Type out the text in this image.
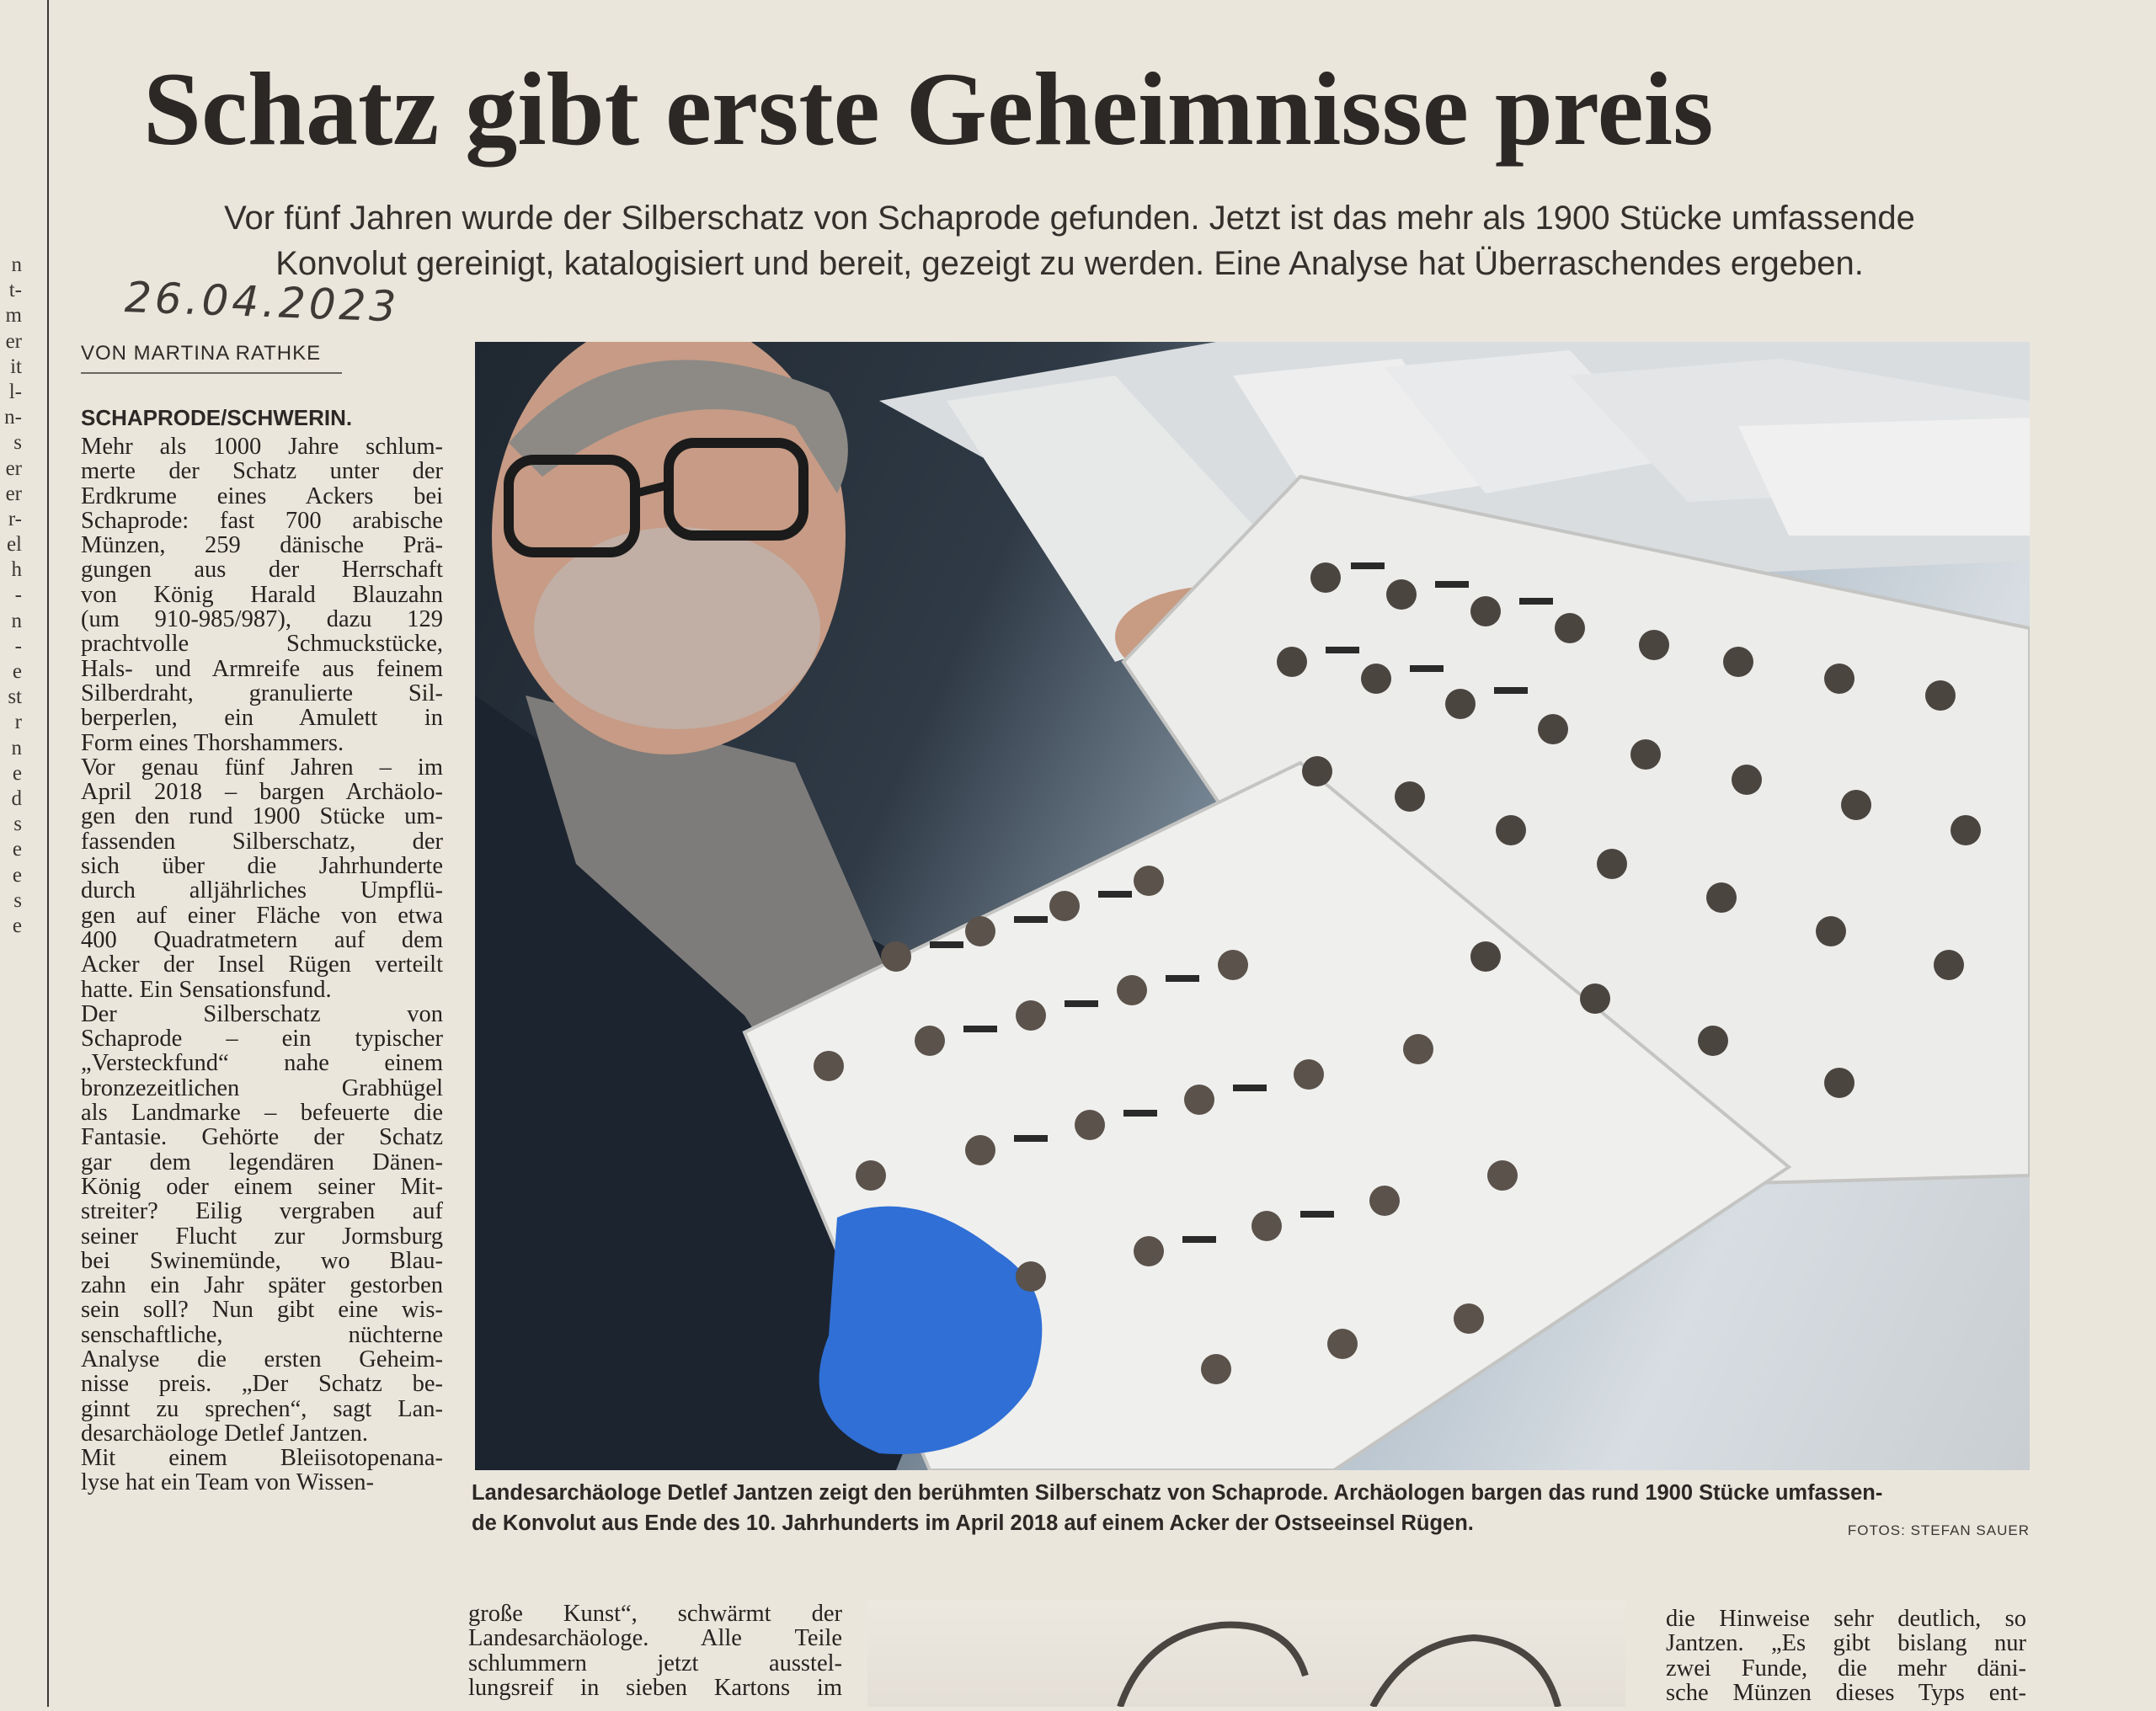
n
t-
m
er
it
l-
n-
s
er
er
r-
el
h
-
n
-
e
st
r
n
e
d
s
e
e
s
e
Schatz gibt erste Geheimnisse preis
Vor fünf Jahren wurde der Silberschatz von Schaprode gefunden. Jetzt ist das mehr als 1900 Stücke umfassende
Konvolut gereinigt, katalogisiert und bereit, gezeigt zu werden. Eine Analyse hat Überraschendes ergeben.
26.04.2023
VON MARTINA RATHKE
SCHAPRODE/SCHWERIN.
Mehr als 1000 Jahre schlum-
merte der Schatz unter der
Erdkrume eines Ackers bei
Schaprode: fast 700 arabische
Münzen, 259 dänische Prä-
gungen aus der Herrschaft
von König Harald Blauzahn
(um 910-985/987), dazu 129
prachtvolle Schmuckstücke,
Hals- und Armreife aus feinem
Silberdraht, granulierte Sil-
berperlen, ein Amulett in
Form eines Thorshammers.
Vor genau fünf Jahren – im
April 2018 – bargen Archäolo-
gen den rund 1900 Stücke um-
fassenden Silberschatz, der
sich über die Jahrhunderte
durch alljährliches Umpflü-
gen auf einer Fläche von etwa
400 Quadratmetern auf dem
Acker der Insel Rügen verteilt
hatte. Ein Sensationsfund.
Der Silberschatz von
Schaprode – ein typischer
„Versteckfund“ nahe einem
bronzezeitlichen Grabhügel
als Landmarke – befeuerte die
Fantasie. Gehörte der Schatz
gar dem legendären Dänen-
König oder einem seiner Mit-
streiter? Eilig vergraben auf
seiner Flucht zur Jormsburg
bei Swinemünde, wo Blau-
zahn ein Jahr später gestorben
sein soll? Nun gibt eine wis-
senschaftliche, nüchterne
Analyse die ersten Geheim-
nisse preis. „Der Schatz be-
ginnt zu sprechen“, sagt Lan-
desarchäologe Detlef Jantzen.
Mit einem Bleiisotopenana-
lyse hat ein Team von Wissen-	Landesarchäologe Detlef Jantzen zeigt den berühmten Silberschatz von Schaprode. Archäologen bargen das rund 1900 Stücke umfassen-
de Konvolut aus Ende des 10. Jahrhunderts im April 2018 auf einem Acker der Ostseeinsel Rügen.	FOTOS: STEFAN SAUER
große Kunst“, schwärmt der
Landesarchäologe. Alle Teile
schlummern jetzt ausstel-
lungsreif in sieben Kartons im
die Hinweise sehr deutlich, so
Jantzen. „Es gibt bislang nur
zwei Funde, die mehr däni-
sche Münzen dieses Typs ent-
